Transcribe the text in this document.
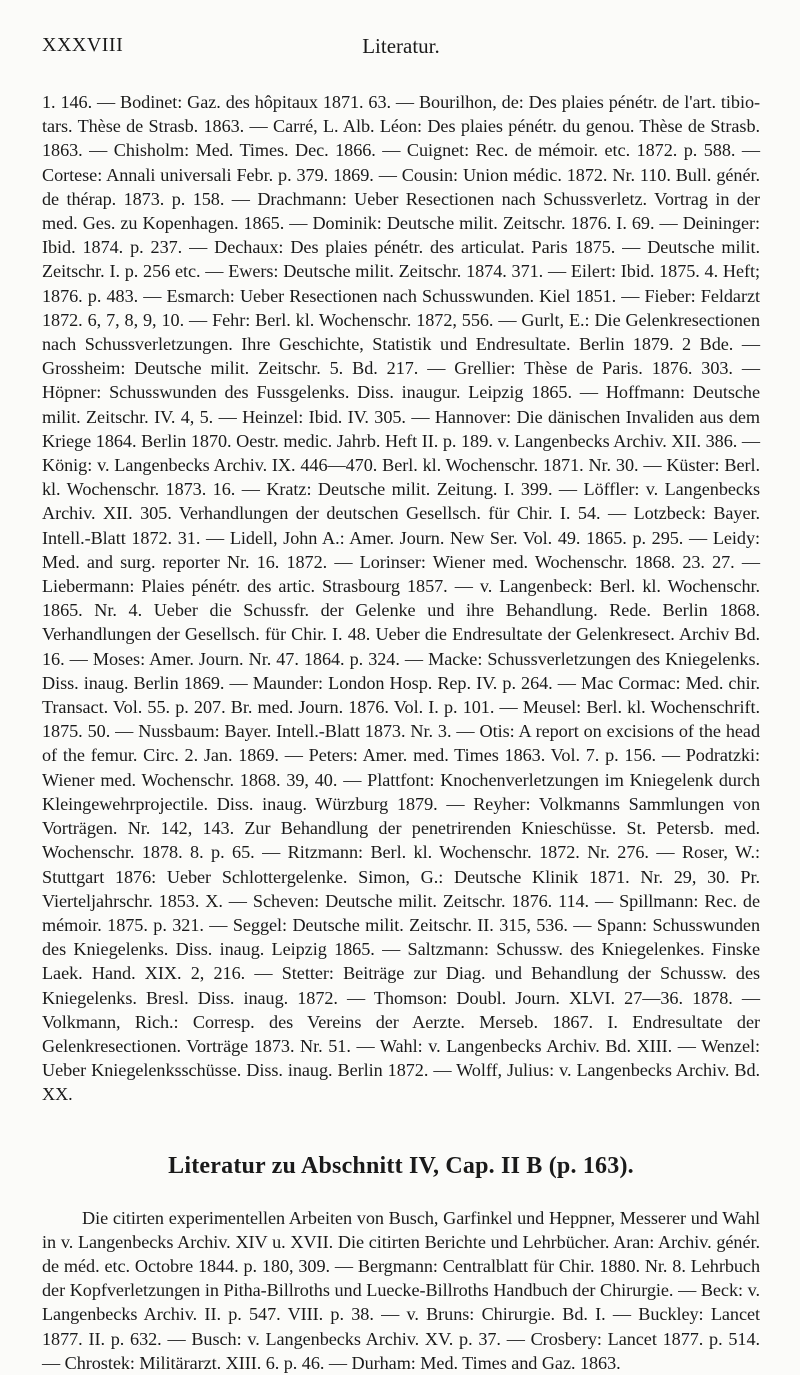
XXXVIII	Literatur.

1. 146. — Bodinet: Gaz. des hôpitaux 1871. 63. — Bourilhon, de: Des plaies pénétr. de l'art. tibio-tars. Thèse de Strasb. 1863. — Carré, L. Alb. Léon: Des plaies pénétr. du genou. Thèse de Strasb. 1863. — Chisholm: Med. Times. Dec. 1866. — Cuignet: Rec. de mémoir. etc. 1872. p. 588. — Cortese: Annali universali Febr. p. 379. 1869. — Cousin: Union médic. 1872. Nr. 110. Bull. génér. de thérap. 1873. p. 158. — Drachmann: Ueber Resectionen nach Schussverletz. Vortrag in der med. Ges. zu Kopenhagen. 1865. — Dominik: Deutsche milit. Zeitschr. 1876. I. 69. — Deininger: Ibid. 1874. p. 237. — Dechaux: Des plaies pénétr. des articulat. Paris 1875. — Deutsche milit. Zeitschr. I. p. 256 etc. — Ewers: Deutsche milit. Zeitschr. 1874. 371. — Eilert: Ibid. 1875. 4. Heft; 1876. p. 483. — Esmarch: Ueber Resectionen nach Schusswunden. Kiel 1851. — Fieber: Feldarzt 1872. 6, 7, 8, 9, 10. — Fehr: Berl. kl. Wochenschr. 1872, 556. — Gurlt, E.: Die Gelenkresectionen nach Schussverletzungen. Ihre Geschichte, Statistik und Endresultate. Berlin 1879. 2 Bde. — Grossheim: Deutsche milit. Zeitschr. 5. Bd. 217. — Grellier: Thèse de Paris. 1876. 303. — Höpner: Schusswunden des Fussgelenks. Diss. inaugur. Leipzig 1865. — Hoffmann: Deutsche milit. Zeitschr. IV. 4, 5. — Heinzel: Ibid. IV. 305. — Hannover: Die dänischen Invaliden aus dem Kriege 1864. Berlin 1870. Oestr. medic. Jahrb. Heft II. p. 189. v. Langenbecks Archiv. XII. 386. — König: v. Langenbecks Archiv. IX. 446—470. Berl. kl. Wochenschr. 1871. Nr. 30. — Küster: Berl. kl. Wochenschr. 1873. 16. — Kratz: Deutsche milit. Zeitung. I. 399. — Löffler: v. Langenbecks Archiv. XII. 305. Verhandlungen der deutschen Gesellsch. für Chir. I. 54. — Lotzbeck: Bayer. Intell.-Blatt 1872. 31. — Lidell, John A.: Amer. Journ. New Ser. Vol. 49. 1865. p. 295. — Leidy: Med. and surg. reporter Nr. 16. 1872. — Lorinser: Wiener med. Wochenschr. 1868. 23. 27. — Liebermann: Plaies pénétr. des artic. Strasbourg 1857. — v. Langenbeck: Berl. kl. Wochenschr. 1865. Nr. 4. Ueber die Schussfr. der Gelenke und ihre Behandlung. Rede. Berlin 1868. Verhandlungen der Gesellsch. für Chir. I. 48. Ueber die Endresultate der Gelenkresect. Archiv Bd. 16. — Moses: Amer. Journ. Nr. 47. 1864. p. 324. — Macke: Schussverletzungen des Kniegelenks. Diss. inaug. Berlin 1869. — Maunder: London Hosp. Rep. IV. p. 264. — Mac Cormac: Med. chir. Transact. Vol. 55. p. 207. Br. med. Journ. 1876. Vol. I. p. 101. — Meusel: Berl. kl. Wochenschrift. 1875. 50. — Nussbaum: Bayer. Intell.-Blatt 1873. Nr. 3. — Otis: A report on excisions of the head of the femur. Circ. 2. Jan. 1869. — Peters: Amer. med. Times 1863. Vol. 7. p. 156. — Podratzki: Wiener med. Wochenschr. 1868. 39, 40. — Plattfont: Knochenverletzungen im Kniegelenk durch Kleingewehrprojectile. Diss. inaug. Würzburg 1879. — Reyher: Volkmanns Sammlungen von Vorträgen. Nr. 142, 143. Zur Behandlung der penetrirenden Knieschüsse. St. Petersb. med. Wochenschr. 1878. 8. p. 65. — Ritzmann: Berl. kl. Wochenschr. 1872. Nr. 276. — Roser, W.: Stuttgart 1876: Ueber Schlottergelenke. Simon, G.: Deutsche Klinik 1871. Nr. 29, 30. Pr. Vierteljahrschr. 1853. X. — Scheven: Deutsche milit. Zeitschr. 1876. 114. — Spillmann: Rec. de mémoir. 1875. p. 321. — Seggel: Deutsche milit. Zeitschr. II. 315, 536. — Spann: Schusswunden des Kniegelenks. Diss. inaug. Leipzig 1865. — Saltzmann: Schussw. des Kniegelenkes. Finske Laek. Hand. XIX. 2, 216. — Stetter: Beiträge zur Diag. und Behandlung der Schussw. des Kniegelenks. Bresl. Diss. inaug. 1872. — Thomson: Doubl. Journ. XLVI. 27—36. 1878. — Volkmann, Rich.: Corresp. des Vereins der Aerzte. Merseb. 1867. I. Endresultate der Gelenkresectionen. Vorträge 1873. Nr. 51. — Wahl: v. Langenbecks Archiv. Bd. XIII. — Wenzel: Ueber Kniegelenksschüsse. Diss. inaug. Berlin 1872. — Wolff, Julius: v. Langenbecks Archiv. Bd. XX.

Literatur zu Abschnitt IV, Cap. II B (p. 163).

Die citirten experimentellen Arbeiten von Busch, Garfinkel und Heppner, Messerer und Wahl in v. Langenbecks Archiv. XIV u. XVII. Die citirten Berichte und Lehrbücher. Aran: Archiv. génér. de méd. etc. Octobre 1844. p. 180, 309. — Bergmann: Centralblatt für Chir. 1880. Nr. 8. Lehrbuch der Kopfverletzungen in Pitha-Billroths und Luecke-Billroths Handbuch der Chirurgie. — Beck: v. Langenbecks Archiv. II. p. 547. VIII. p. 38. — v. Bruns: Chirurgie. Bd. I. — Buckley: Lancet 1877. II. p. 632. — Busch: v. Langenbecks Archiv. XV. p. 37. — Crosbery: Lancet 1877. p. 514. — Chrostek: Militärarzt. XIII. 6. p. 46. — Durham: Med. Times and Gaz. 1863.
